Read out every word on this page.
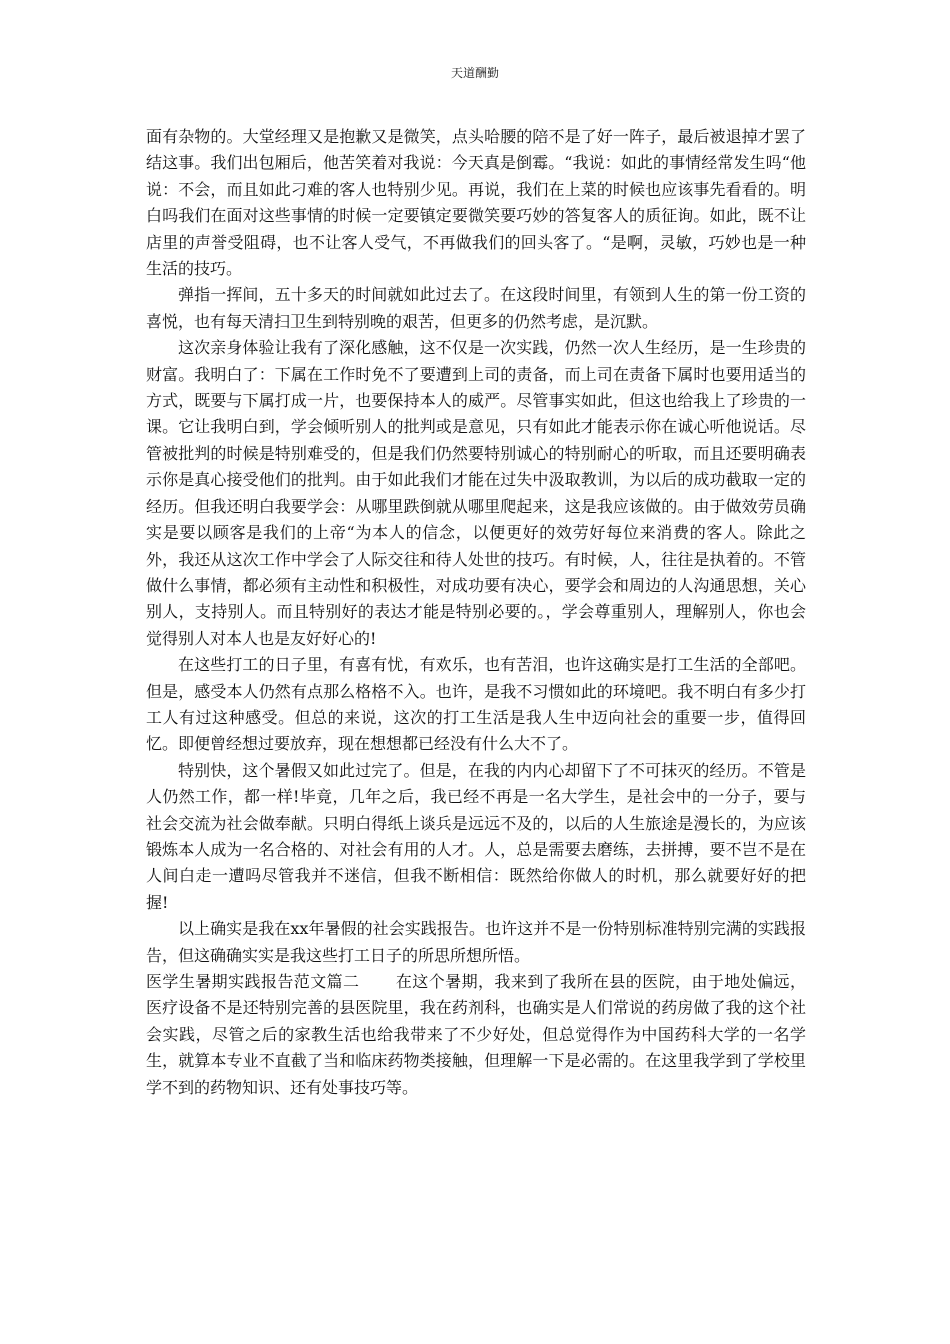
天道酬勤

面有杂物的。大堂经理又是抱歉又是微笑，点头哈腰的陪不是了好一阵子，最后被退掉才罢了结这事。我们出包厢后，他苦笑着对我说：今天真是倒霉。“我说：如此的事情经常发生吗“他说：不会，而且如此刁难的客人也特别少见。再说，我们在上菜的时候也应该事先看看的。明白吗我们在面对这些事情的时候一定要镇定要微笑要巧妙的答复客人的质征询。如此，既不让店里的声誉受阻碍，也不让客人受气，不再做我们的回头客了。“是啊，灵敏，巧妙也是一种生活的技巧。

弹指一挥间，五十多天的时间就如此过去了。在这段时间里，有领到人生的第一份工资的喜悦，也有每天清扫卫生到特别晚的艰苦，但更多的仍然考虑，是沉默。

这次亲身体验让我有了深化感触，这不仅是一次实践，仍然一次人生经历，是一生珍贵的财富。我明白了：下属在工作时免不了要遭到上司的责备，而上司在责备下属时也要用适当的方式，既要与下属打成一片，也要保持本人的威严。尽管事实如此，但这也给我上了珍贵的一课。它让我明白到，学会倾听别人的批判或是意见，只有如此才能表示你在诚心听他说话。尽管被批判的时候是特别难受的，但是我们仍然要特别诚心的特别耐心的听取，而且还要明确表示你是真心接受他们的批判。由于如此我们才能在过失中汲取教训，为以后的成功截取一定的经历。但我还明白我要学会：从哪里跌倒就从哪里爬起来，这是我应该做的。由于做效劳员确实是要以顾客是我们的上帝“为本人的信念，以便更好的效劳好每位来消费的客人。除此之外，我还从这次工作中学会了人际交往和待人处世的技巧。有时候，人，往往是执着的。不管做什么事情，都必须有主动性和积极性，对成功要有决心，要学会和周边的人沟通思想，关心别人，支持别人。而且特别好的表达才能是特别必要的。，学会尊重别人，理解别人，你也会觉得别人对本人也是友好好心的!

在这些打工的日子里，有喜有忧，有欢乐，也有苦泪，也许这确实是打工生活的全部吧。但是，感受本人仍然有点那么格格不入。也许，是我不习惯如此的环境吧。我不明白有多少打工人有过这种感受。但总的来说，这次的打工生活是我人生中迈向社会的重要一步，值得回忆。即便曾经想过要放弃，现在想想都已经没有什么大不了。

特别快，这个暑假又如此过完了。但是，在我的内内心却留下了不可抹灭的经历。不管是人仍然工作，都一样!毕竟，几年之后，我已经不再是一名大学生，是社会中的一分子，要与社会交流为社会做奉献。只明白得纸上谈兵是远远不及的，以后的人生旅途是漫长的，为应该锻炼本人成为一名合格的、对社会有用的人才。人，总是需要去磨练，去拼搏，要不岂不是在人间白走一遭吗尽管我并不迷信，但我不断相信：既然给你做人的时机，那么就要好好的把握!

以上确实是我在xx年暑假的社会实践报告。也许这并不是一份特别标准特别完满的实践报告，但这确确实实是我这些打工日子的所思所想所悟。

医学生暑期实践报告范文篇二 在这个暑期，我来到了我所在县的医院，由于地处偏远，医疗设备不是还特别完善的县医院里，我在药剂科，也确实是人们常说的药房做了我的这个社会实践，尽管之后的家教生活也给我带来了不少好处，但总觉得作为中国药科大学的一名学生，就算本专业不直截了当和临床药物类接触，但理解一下是必需的。在这里我学到了学校里学不到的药物知识、还有处事技巧等。
